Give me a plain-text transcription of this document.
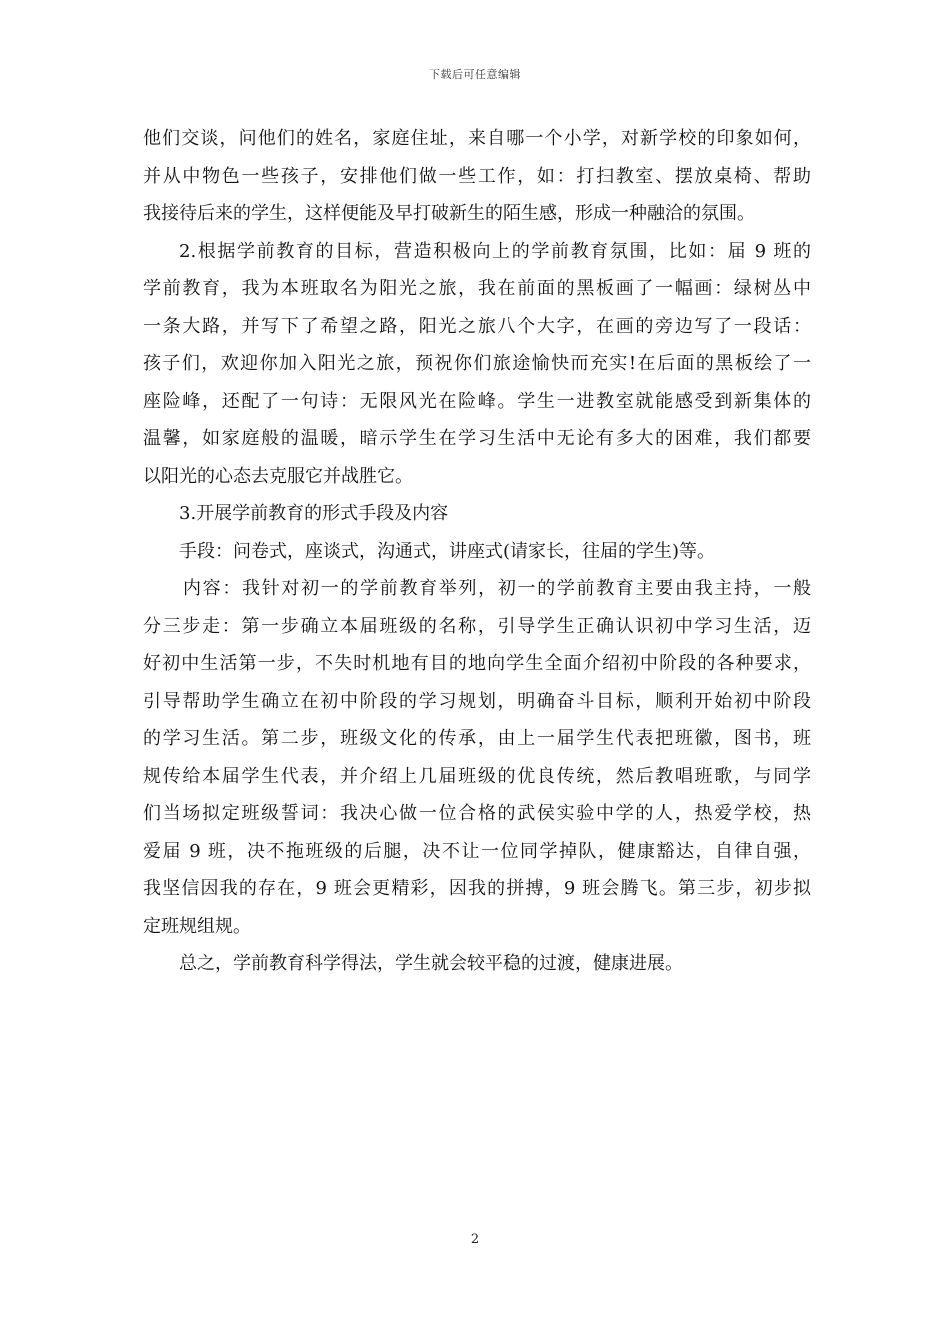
下载后可任意编辑
他们交谈，问他们的姓名，家庭住址，来自哪一个小学，对新学校的印象如何，
并从中物色一些孩子，安排他们做一些工作，如：打扫教室、摆放桌椅、帮助
我接待后来的学生，这样便能及早打破新生的陌生感，形成一种融洽的氛围。
2.根据学前教育的目标，营造积极向上的学前教育氛围，比如：届 9 班的
学前教育，我为本班取名为阳光之旅，我在前面的黑板画了一幅画：绿树丛中
一条大路，并写下了希望之路，阳光之旅八个大字，在画的旁边写了一段话：
孩子们，欢迎你加入阳光之旅，预祝你们旅途愉快而充实!在后面的黑板绘了一
座险峰，还配了一句诗：无限风光在险峰。学生一进教室就能感受到新集体的
温馨，如家庭般的温暖，暗示学生在学习生活中无论有多大的困难，我们都要
以阳光的心态去克服它并战胜它。
3.开展学前教育的形式手段及内容
手段：问卷式，座谈式，沟通式，讲座式(请家长，往届的学生)等。
内容：我针对初一的学前教育举列，初一的学前教育主要由我主持，一般
分三步走：第一步确立本届班级的名称，引导学生正确认识初中学习生活，迈
好初中生活第一步，不失时机地有目的地向学生全面介绍初中阶段的各种要求，
引导帮助学生确立在初中阶段的学习规划，明确奋斗目标，顺利开始初中阶段
的学习生活。第二步，班级文化的传承，由上一届学生代表把班徽，图书，班
规传给本届学生代表，并介绍上几届班级的优良传统，然后教唱班歌，与同学
们当场拟定班级誓词：我决心做一位合格的武侯实验中学的人，热爱学校，热
爱届 9 班，决不拖班级的后腿，决不让一位同学掉队，健康豁达，自律自强，
我坚信因我的存在，9 班会更精彩，因我的拼搏，9 班会腾飞。第三步，初步拟
定班规组规。
总之，学前教育科学得法，学生就会较平稳的过渡，健康进展。
2
